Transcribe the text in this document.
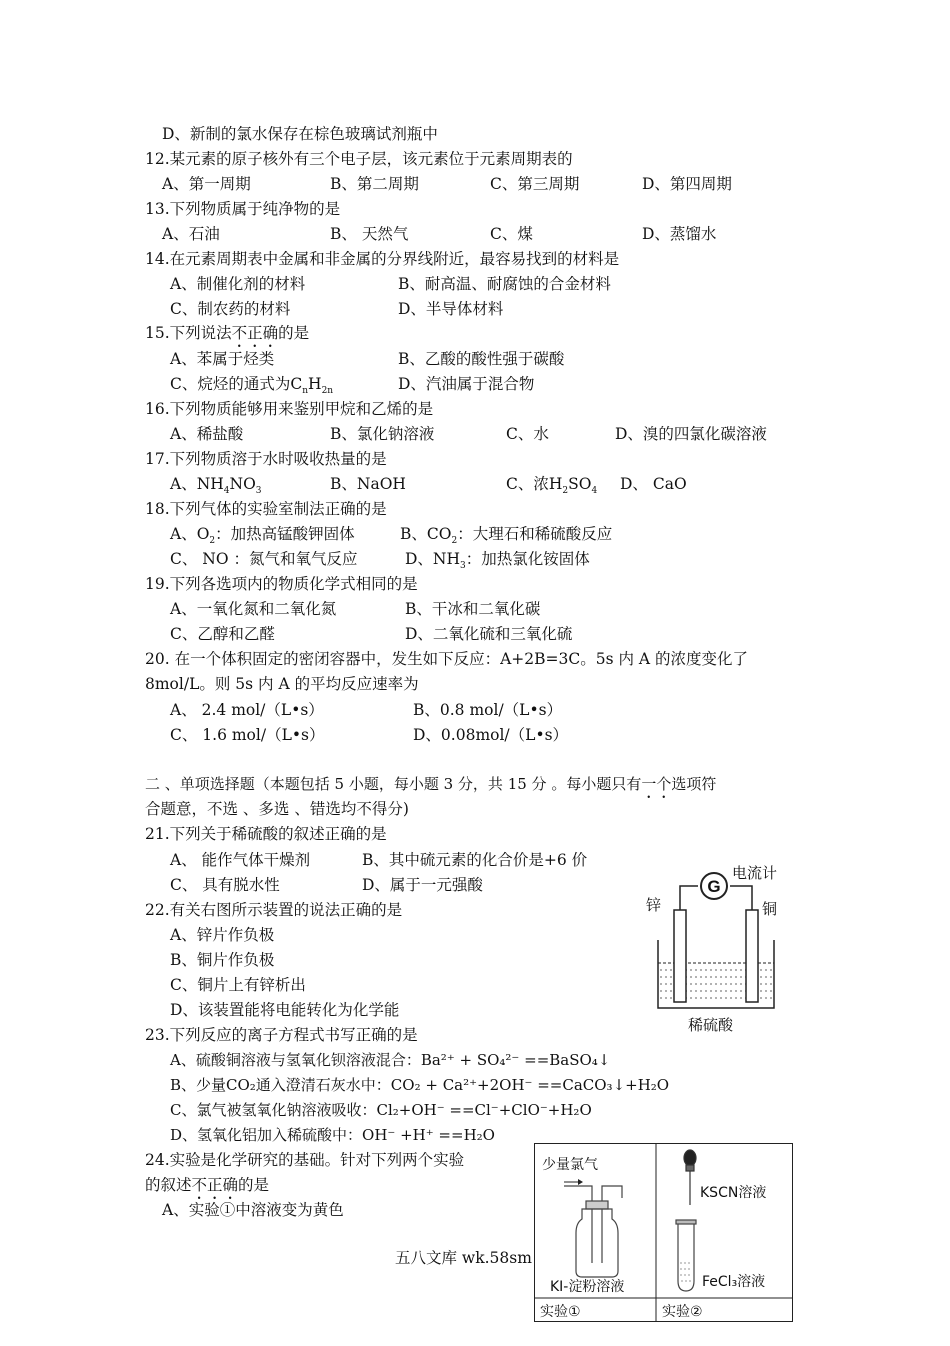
D、新制的氯水保存在棕色玻璃试剂瓶中
12.某元素的原子核外有三个电子层，该元素位于元素周期表的
A、第一周期	B、第二周期	C、第三周期	D、第四周期
13.下列物质属于纯净物的是
A、石油	B、 天然气	C、煤	D、蒸馏水
14.在元素周期表中金属和非金属的分界线附近，最容易找到的材料是
A、制催化剂的材料	B、耐高温、耐腐蚀的合金材料
C、制农药的材料	D、半导体材料
15.下列说法不正确的是
A、苯属于烃类	B、乙酸的酸性强于碳酸
C、烷烃的通式为$C_nH_{2n}$	D、汽油属于混合物
16.下列物质能够用来鉴别甲烷和乙烯的是
A、稀盐酸	B、氯化钠溶液	C、水	D、溴的四氯化碳溶液
17.下列物质溶于水时吸收热量的是
A、$NH_4NO_3$	B、NaOH	C、浓$H_2SO_4$ D、 CaO
18.下列气体的实验室制法正确的是
A、$O_2$：加热高锰酸钾固体	B、$CO_2$：大理石和稀硫酸反应
C、 NO ：氮气和氧气反应	D、$NH_3$：加热氯化铵固体
19.下列各选项内的物质化学式相同的是
A、一氧化氮和二氧化氮	B、干冰和二氧化碳
C、乙醇和乙醛	D、二氧化硫和三氧化硫
20. 在一个体积固定的密闭容器中，发生如下反应：A+2B=3C。5s 内 A 的浓度变化了
8mol/L。则 5s 内 A 的平均反应速率为
A、 2.4 mol/（L•s）	B、0.8 mol/（L•s）
C、 1.6 mol/（L•s）	D、0.08mol/（L•s）
二 、单项选择题（本题包括 5 小题，每小题 3 分，共 15 分 。每小题只有一个选项符
合题意，不选 、多选 、错选均不得分)
21.下列关于稀硫酸的叙述正确的是
A、 能作气体干燥剂	B、其中硫元素的化合价是+6 价
C、 具有脱水性	D、属于一元强酸
22.有关右图所示装置的说法正确的是
A、锌片作负极
B、铜片作负极
C、铜片上有锌析出
D、该装置能将电能转化为化学能
23.下列反应的离子方程式书写正确的是
A、硫酸铜溶液与氢氧化钡溶液混合：Ba²⁺ + SO₄²⁻ ==BaSO₄↓
B、少量CO₂通入澄清石灰水中：CO₂ + Ca²⁺+2OH⁻ ==CaCO₃↓+H₂O
C、氯气被氢氧化钠溶液吸收：Cl₂+OH⁻ ==Cl⁻+ClO⁻+H₂O
D、氢氧化铝加入稀硫酸中：OH⁻ +H⁺ ==H₂O
24.实验是化学研究的基础。针对下列两个实验
的叙述不正确的是
A、实验①中溶液变为黄色
五八文库 wk.58sm
G
电流计
锌	铜
稀硫酸
少量氯气
KI-淀粉溶液
实验①
KSCN溶液
FeCl₃溶液
实验②
